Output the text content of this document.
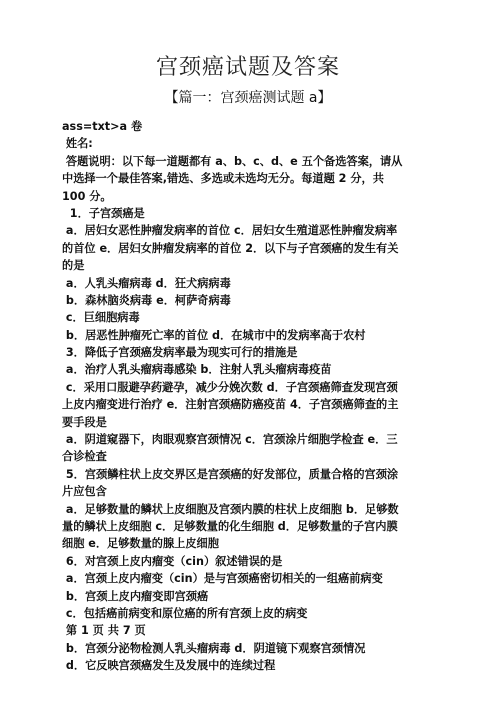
宫颈癌试题及答案
【篇一：宫颈癌测试题 a】
ass=txt>a 卷
姓名:
答题说明：以下每一道题都有 a、b、c、d、e 五个备选答案，请从
中选择一个最佳答案,错选、多选或未选均无分。每道题 2 分，共
100 分。
1．子宫颈癌是
a．居妇女恶性肿瘤发病率的首位 c．居妇女生殖道恶性肿瘤发病率
的首位 e．居妇女肿瘤发病率的首位 2．以下与子宫颈癌的发生有关
的是
a．人乳头瘤病毒 d．狂犬病病毒
b．森林脑炎病毒 e．柯萨奇病毒
c．巨细胞病毒
b．居恶性肿瘤死亡率的首位 d．在城市中的发病率高于农村
3．降低子宫颈癌发病率最为现实可行的措施是
a．治疗人乳头瘤病毒感染 b．注射人乳头瘤病毒疫苗
c．采用口服避孕药避孕，减少分娩次数 d．子宫颈癌筛查发现宫颈
上皮内瘤变进行治疗 e．注射宫颈癌防癌疫苗 4．子宫颈癌筛查的主
要手段是
a．阴道窥器下，肉眼观察宫颈情况 c．宫颈涂片细胞学检查 e．三
合诊检查
5．宫颈鳞柱状上皮交界区是宫颈癌的好发部位，质量合格的宫颈涂
片应包含
a．足够数量的鳞状上皮细胞及宫颈内膜的柱状上皮细胞 b．足够数
量的鳞状上皮细胞 c．足够数量的化生细胞 d．足够数量的子宫内膜
细胞 e．足够数量的腺上皮细胞
6．对宫颈上皮内瘤变（cin）叙述错误的是
a．宫颈上皮内瘤变（cin）是与宫颈癌密切相关的一组癌前病变
b．宫颈上皮内瘤变即宫颈癌
c．包括癌前病变和原位癌的所有宫颈上皮的病变
第 1 页 共 7 页
b．宫颈分泌物检测人乳头瘤病毒 d．阴道镜下观察宫颈情况
d．它反映宫颈癌发生及发展中的连续过程
